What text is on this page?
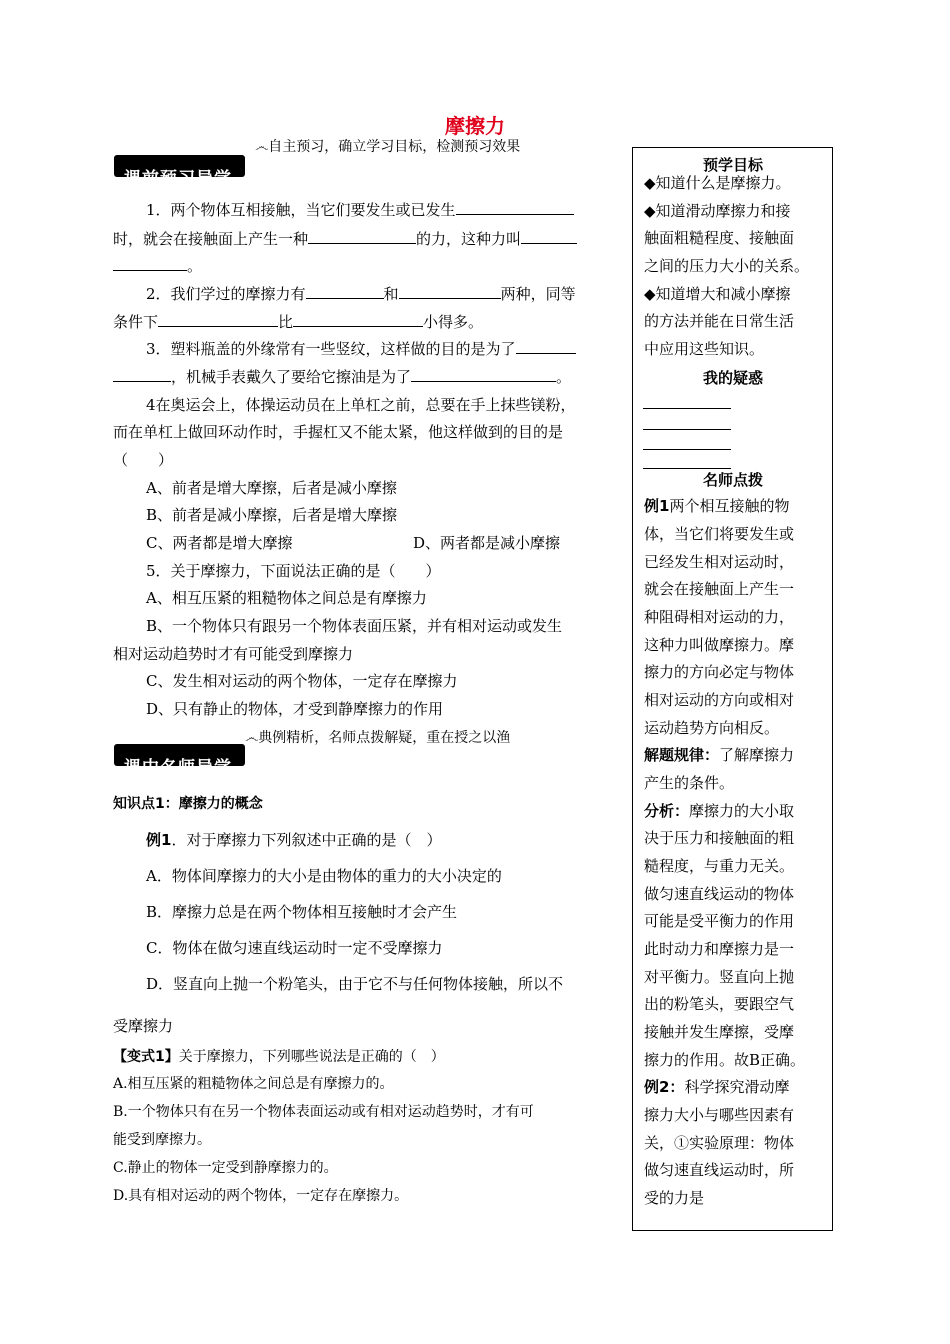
摩擦力
෴自主预习，确立学习目标，检测预习效果
课前预习导学
1．两个物体互相接触，当它们要发生或已发生
时，就会在接触面上产生一种	的力，这种力叫
。
2．我们学过的摩擦力有	和	两种，同等
条件下	比	小得多。
3．塑料瓶盖的外缘常有一些竖纹，这样做的目的是为了
，机械手表戴久了要给它擦油是为了	。
4在奥运会上，体操运动员在上单杠之前，总要在手上抹些镁粉，
而在单杠上做回环动作时，手握杠又不能太紧，他这样做到的目的是
（　　）
A、前者是增大摩擦，后者是减小摩擦
B、前者是减小摩擦，后者是增大摩擦
C、两者都是增大摩擦	D、两者都是减小摩擦
5．关于摩擦力，下面说法正确的是（　　）
A、相互压紧的粗糙物体之间总是有摩擦力
B、一个物体只有跟另一个物体表面压紧，并有相对运动或发生
相对运动趋势时才有可能受到摩擦力
C、发生相对运动的两个物体，一定存在摩擦力
D、只有静止的物体，才受到静摩擦力的作用
෴典例精析，名师点拨解疑，重在授之以渔
课中名师导学
知识点1：摩擦力的概念
例1．对于摩擦力下列叙述中正确的是（　）
A．物体间摩擦力的大小是由物体的重力的大小决定的
B．摩擦力总是在两个物体相互接触时才会产生
C．物体在做匀速直线运动时一定不受摩擦力
D．竖直向上抛一个粉笔头，由于它不与任何物体接触，所以不
受摩擦力
【变式1】关于摩擦力，下列哪些说法是正确的（　）
A.相互压紧的粗糙物体之间总是有摩擦力的。
B.一个物体只有在另一个物体表面运动或有相对运动趋势时，才有可
能受到摩擦力。
C.静止的物体一定受到静摩擦力的。
D.具有相对运动的两个物体，一定存在摩擦力。
预学目标
◆知道什么是摩擦力。
◆知道滑动摩擦力和接
触面粗糙程度、接触面
之间的压力大小的关系。
◆知道增大和减小摩擦
的方法并能在日常生活
中应用这些知识。
我的疑惑
名师点拨
例1两个相互接触的物
体，当它们将要发生或
已经发生相对运动时，
就会在接触面上产生一
种阻碍相对运动的力，
这种力叫做摩擦力。摩
擦力的方向必定与物体
相对运动的方向或相对
运动趋势方向相反。
解题规律：了解摩擦力
产生的条件。
分析：摩擦力的大小取
决于压力和接触面的粗
糙程度，与重力无关。
做匀速直线运动的物体
可能是受平衡力的作用
此时动力和摩擦力是一
对平衡力。竖直向上抛
出的粉笔头，要跟空气
接触并发生摩擦，受摩
擦力的作用。故B正确。
例2：科学探究滑动摩
擦力大小与哪些因素有
关，①实验原理：物体
做匀速直线运动时，所
受的力是
